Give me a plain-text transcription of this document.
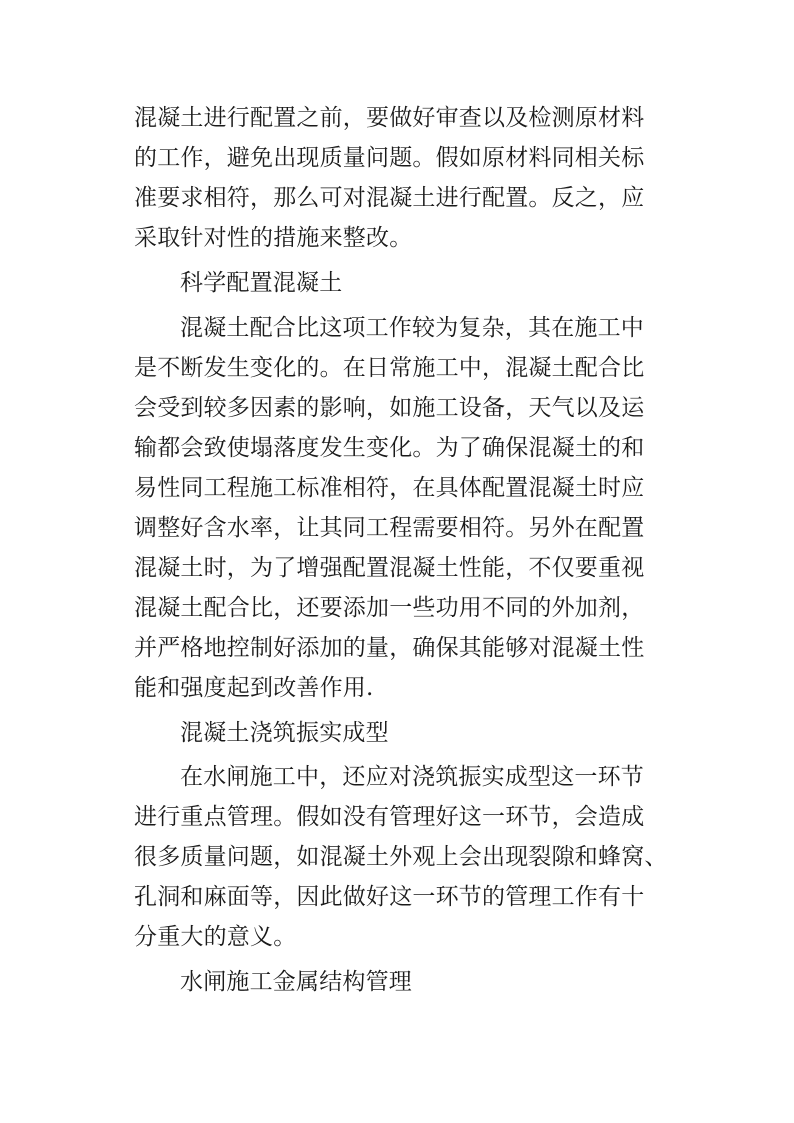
混凝土进行配置之前，要做好审查以及检测原材料
的工作，避免出现质量问题。假如原材料同相关标
准要求相符，那么可对混凝土进行配置。反之，应
采取针对性的措施来整改。
科学配置混凝土
混凝土配合比这项工作较为复杂，其在施工中
是不断发生变化的。在日常施工中，混凝土配合比
会受到较多因素的影响，如施工设备，天气以及运
输都会致使塌落度发生变化。为了确保混凝土的和
易性同工程施工标准相符，在具体配置混凝土时应
调整好含水率，让其同工程需要相符。另外在配置
混凝土时，为了增强配置混凝土性能，不仅要重视
混凝土配合比，还要添加一些功用不同的外加剂，
并严格地控制好添加的量，确保其能够对混凝土性
能和强度起到改善作用.
混凝土浇筑振实成型
在水闸施工中，还应对浇筑振实成型这一环节
进行重点管理。假如没有管理好这一环节，会造成
很多质量问题，如混凝土外观上会出现裂隙和蜂窝、
孔洞和麻面等，因此做好这一环节的管理工作有十
分重大的意义。
水闸施工金属结构管理
